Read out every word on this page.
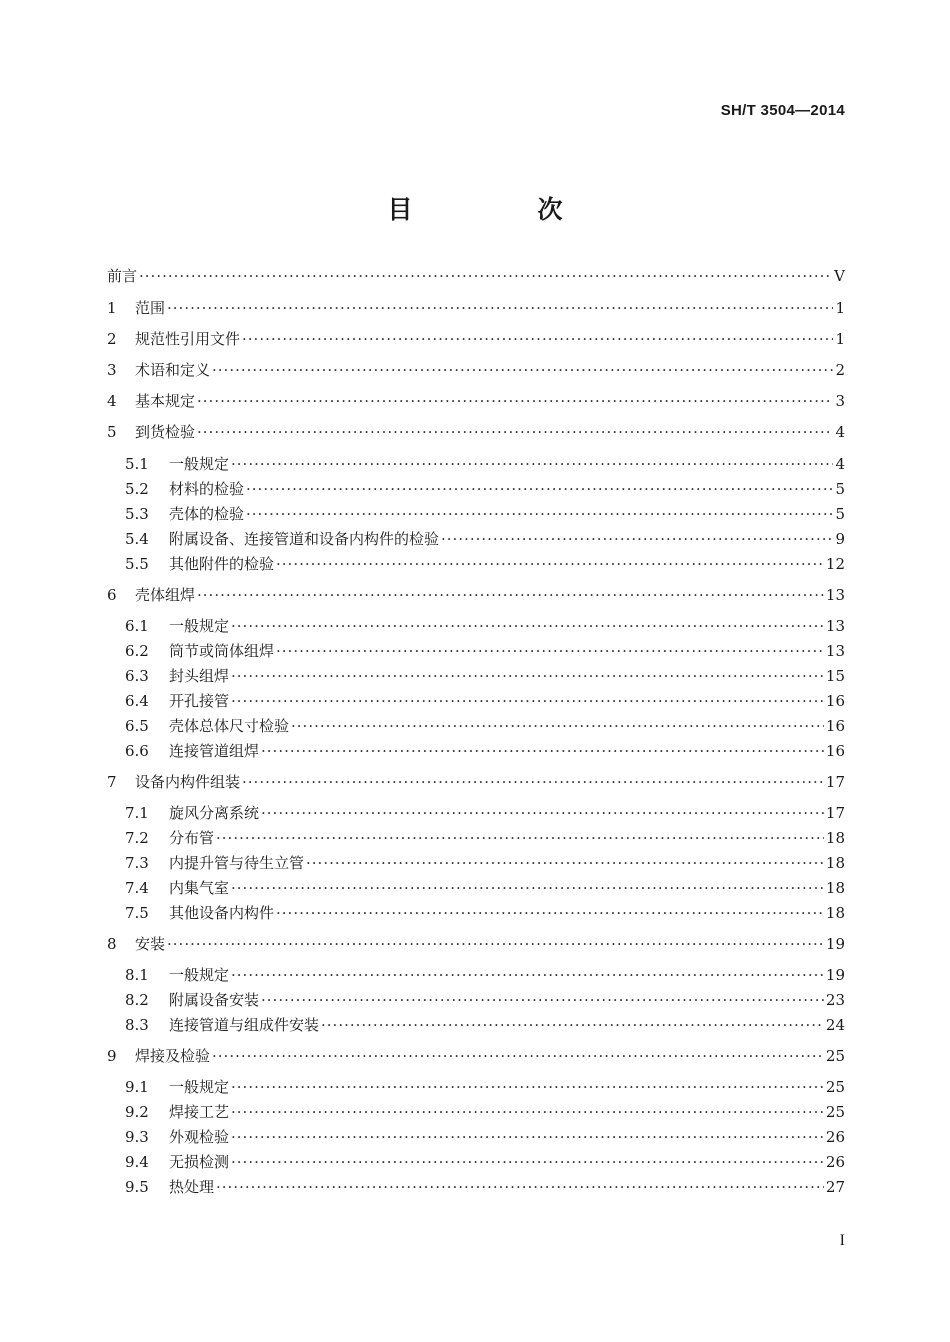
SH/T 3504—2014
目　次
前言 ·····	V
1	范围 ·····	1
2	规范性引用文件 ·····	1
3	术语和定义 ·····	2
4	基本规定 ·····	3
5	到货检验 ·····	4
5.1	一般规定 ·····	4
5.2	材料的检验 ·····	5
5.3	壳体的检验 ·····	5
5.4	附属设备、连接管道和设备内构件的检验 ·····	9
5.5	其他附件的检验 ·····	12
6	壳体组焊 ·····	13
6.1	一般规定 ·····	13
6.2	筒节或筒体组焊 ·····	13
6.3	封头组焊 ·····	15
6.4	开孔接管 ·····	16
6.5	壳体总体尺寸检验 ·····	16
6.6	连接管道组焊 ·····	16
7	设备内构件组装 ·····	17
7.1	旋风分离系统 ·····	17
7.2	分布管 ·····	18
7.3	内提升管与待生立管 ·····	18
7.4	内集气室 ·····	18
7.5	其他设备内构件 ·····	18
8	安装 ·····	19
8.1	一般规定 ·····	19
8.2	附属设备安装 ·····	23
8.3	连接管道与组成件安装 ·····	24
9	焊接及检验 ·····	25
9.1	一般规定 ·····	25
9.2	焊接工艺 ·····	25
9.3	外观检验 ·····	26
9.4	无损检测 ·····	26
9.5	热处理 ·····	27
I
